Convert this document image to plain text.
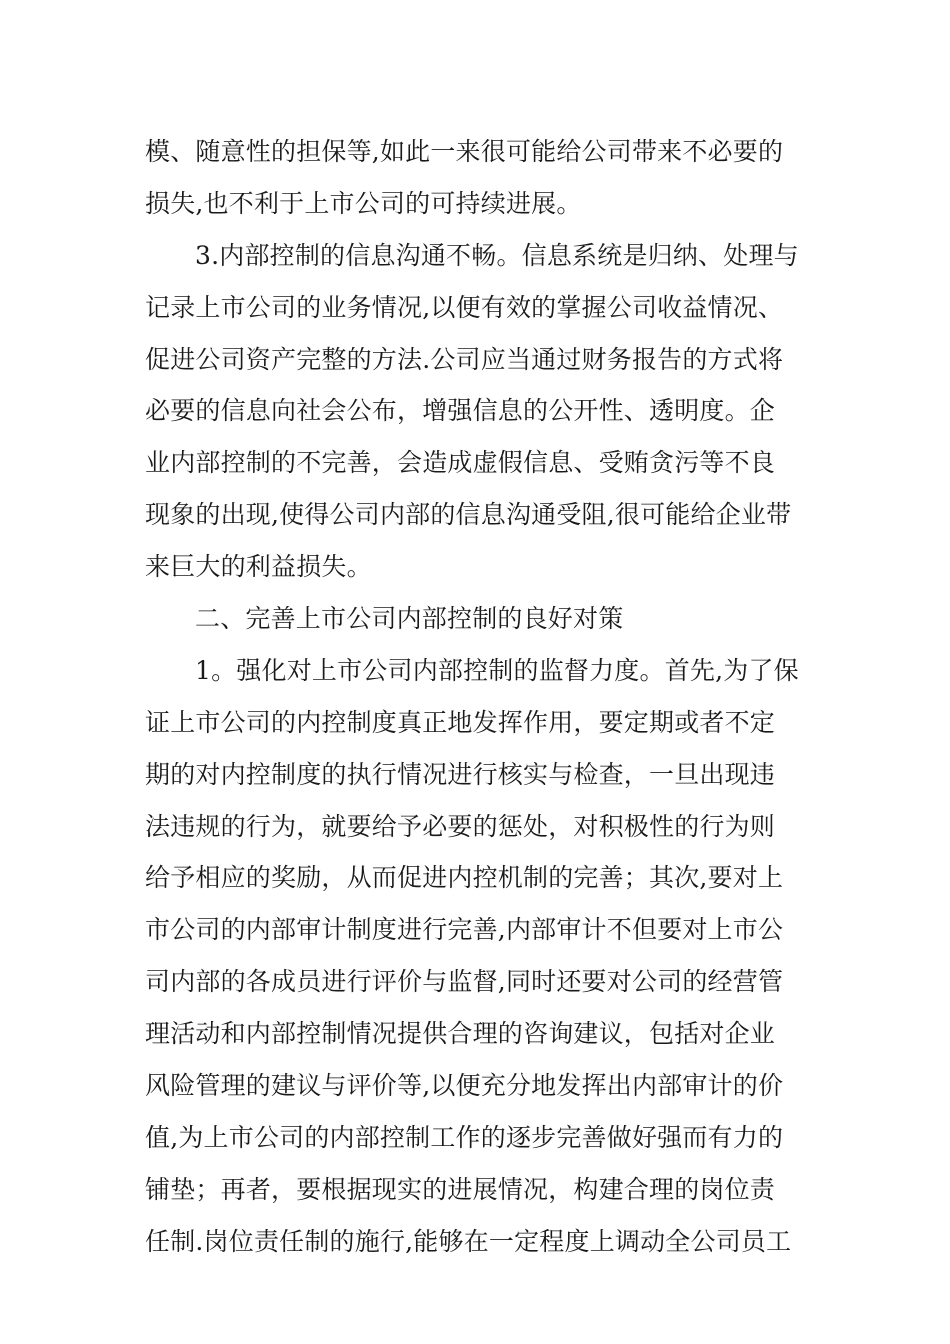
模、随意性的担保等,如此一来很可能给公司带来不必要的
损失,也不利于上市公司的可持续进展。
3.内部控制的信息沟通不畅。信息系统是归纳、处理与
记录上市公司的业务情况,以便有效的掌握公司收益情况、
促进公司资产完整的方法.公司应当通过财务报告的方式将
必要的信息向社会公布，增强信息的公开性、透明度。企
业内部控制的不完善，会造成虚假信息、受贿贪污等不良
现象的出现,使得公司内部的信息沟通受阻,很可能给企业带
来巨大的利益损失。
二、完善上市公司内部控制的良好对策
1。强化对上市公司内部控制的监督力度。首先,为了保
证上市公司的内控制度真正地发挥作用，要定期或者不定
期的对内控制度的执行情况进行核实与检查，一旦出现违
法违规的行为，就要给予必要的惩处，对积极性的行为则
给予相应的奖励，从而促进内控机制的完善；其次,要对上
市公司的内部审计制度进行完善,内部审计不但要对上市公
司内部的各成员进行评价与监督,同时还要对公司的经营管
理活动和内部控制情况提供合理的咨询建议，包括对企业
风险管理的建议与评价等,以便充分地发挥出内部审计的价
值,为上市公司的内部控制工作的逐步完善做好强而有力的
铺垫；再者，要根据现实的进展情况，构建合理的岗位责
任制.岗位责任制的施行,能够在一定程度上调动全公司员工
